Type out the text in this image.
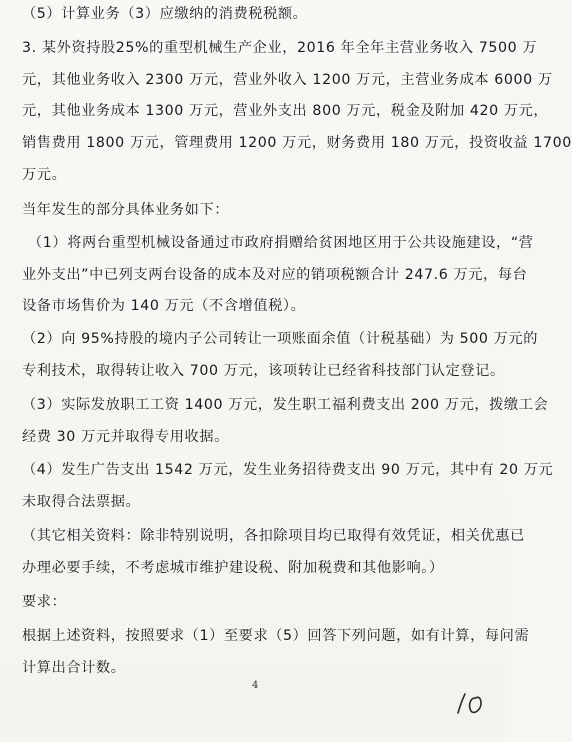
（5）计算业务（3）应缴纳的消费税税额。
3. 某外资持股25%的重型机械生产企业，2016 年全年主营业务收入 7500 万
元，其他业务收入 2300 万元，营业外收入 1200 万元，主营业务成本 6000 万
元，其他业务成本 1300 万元，营业外支出 800 万元，税金及附加 420 万元，
销售费用 1800 万元，管理费用 1200 万元，财务费用 180 万元，投资收益 1700
万元。
当年发生的部分具体业务如下：
（1）将两台重型机械设备通过市政府捐赠给贫困地区用于公共设施建设，“营
业外支出”中已列支两台设备的成本及对应的销项税额合计 247.6 万元，每台
设备市场售价为 140 万元（不含增值税）。
（2）向 95%持股的境内子公司转让一项账面余值（计税基础）为 500 万元的
专利技术，取得转让收入 700 万元，该项转让已经省科技部门认定登记。
（3）实际发放职工工资 1400 万元，发生职工福利费支出 200 万元，拨缴工会
经费 30 万元并取得专用收据。
（4）发生广告支出 1542 万元，发生业务招待费支出 90 万元，其中有 20 万元
未取得合法票据。
（其它相关资料：除非特别说明，各扣除项目均已取得有效凭证，相关优惠已
办理必要手续，不考虑城市维护建设税、附加税费和其他影响。）
要求：
根据上述资料，按照要求（1）至要求（5）回答下列问题，如有计算，每问需
计算出合计数。
4
